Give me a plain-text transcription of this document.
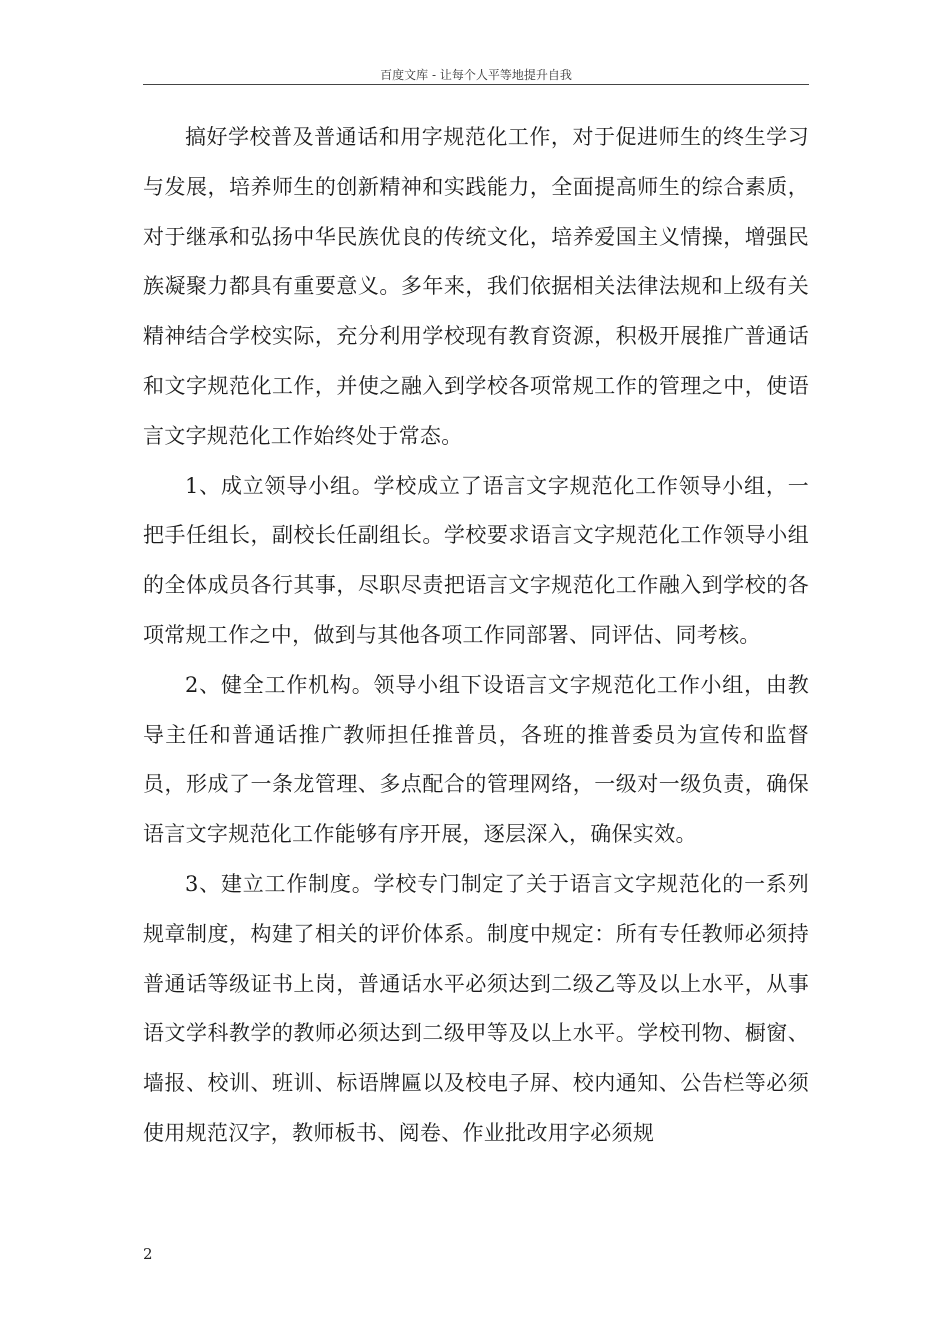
百度文库 - 让每个人平等地提升自我

搞好学校普及普通话和用字规范化工作，对于促进师生的终生学习与发展，培养师生的创新精神和实践能力，全面提高师生的综合素质，对于继承和弘扬中华民族优良的传统文化，培养爱国主义情操，增强民族凝聚力都具有重要意义。多年来，我们依据相关法律法规和上级有关精神结合学校实际，充分利用学校现有教育资源，积极开展推广普通话和文字规范化工作，并使之融入到学校各项常规工作的管理之中，使语言文字规范化工作始终处于常态。

1、成立领导小组。学校成立了语言文字规范化工作领导小组，一把手任组长，副校长任副组长。学校要求语言文字规范化工作领导小组的全体成员各行其事，尽职尽责把语言文字规范化工作融入到学校的各项常规工作之中，做到与其他各项工作同部署、同评估、同考核。

2、健全工作机构。领导小组下设语言文字规范化工作小组，由教导主任和普通话推广教师担任推普员，各班的推普委员为宣传和监督员，形成了一条龙管理、多点配合的管理网络，一级对一级负责，确保语言文字规范化工作能够有序开展，逐层深入，确保实效。

3、建立工作制度。学校专门制定了关于语言文字规范化的一系列规章制度，构建了相关的评价体系。制度中规定：所有专任教师必须持普通话等级证书上岗，普通话水平必须达到二级乙等及以上水平，从事语文学科教学的教师必须达到二级甲等及以上水平。学校刊物、橱窗、墙报、校训、班训、标语牌匾以及校电子屏、校内通知、公告栏等必须使用规范汉字，教师板书、阅卷、作业批改用字必须规

2
